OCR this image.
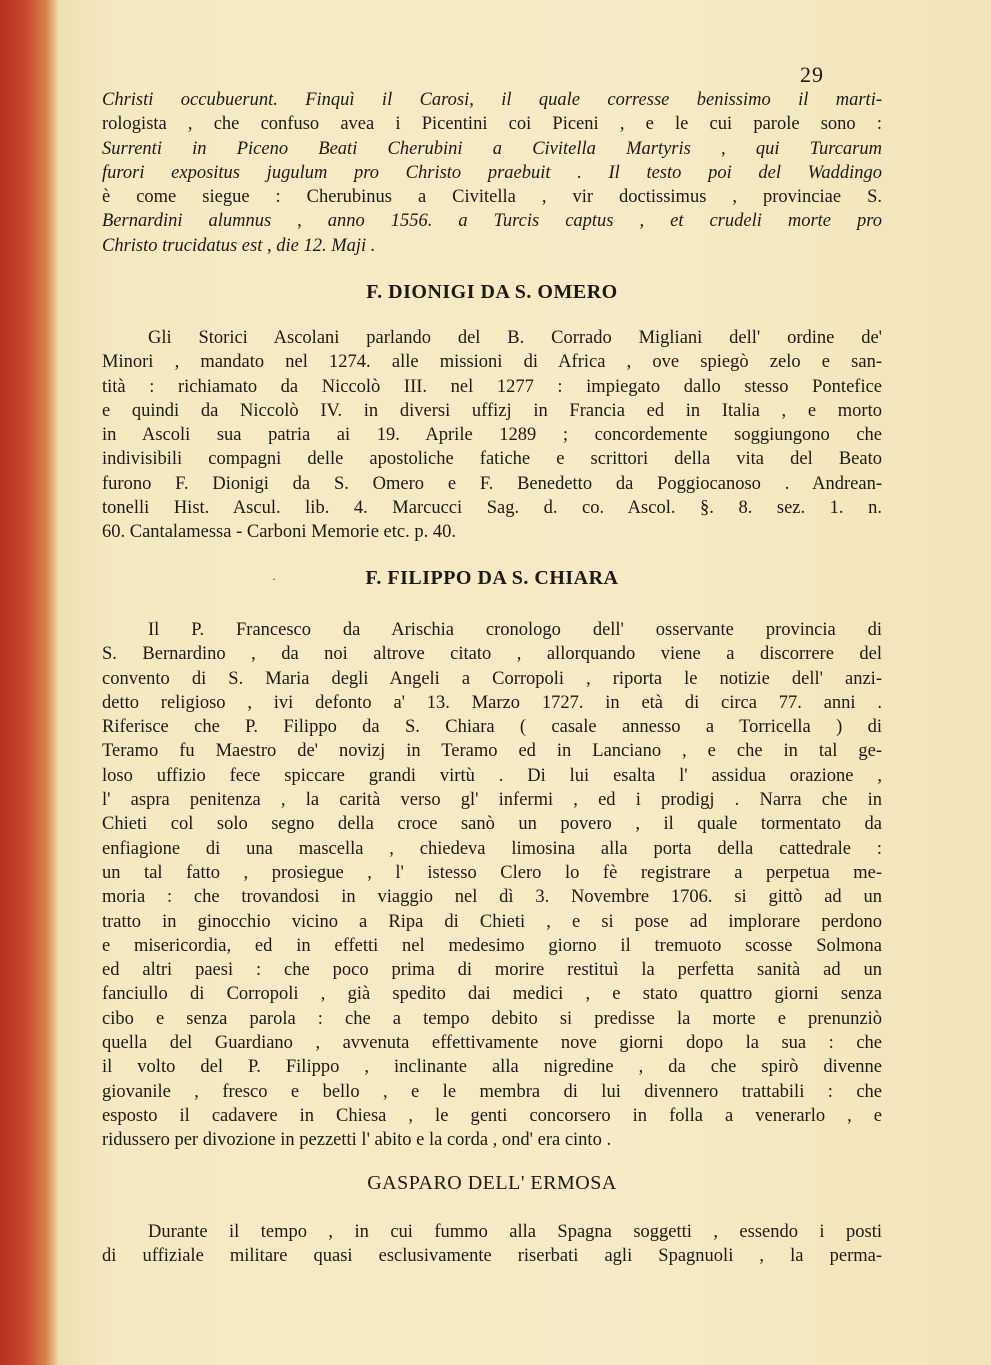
29
Christi occubuerunt. Finquì il Carosi, il quale corresse benissimo il marti-
rologista , che confuso avea i Picentini coi Piceni , e le cui parole sono :
Surrenti in Piceno Beati Cherubini a Civitella Martyris , qui Turcarum
furori expositus jugulum pro Christo praebuit . Il testo poi del Waddingo
è come siegue : Cherubinus a Civitella , vir doctissimus , provinciae S.
Bernardini alumnus , anno 1556. a Turcis captus , et crudeli morte pro
Christo trucidatus est , die 12. Maji .
F. DIONIGI DA S. OMERO
Gli Storici Ascolani parlando del B. Corrado Migliani dell' ordine de'
Minori , mandato nel 1274. alle missioni di Africa , ove spiegò zelo e san-
tità : richiamato da Niccolò III. nel 1277 : impiegato dallo stesso Pontefice
e quindi da Niccolò IV. in diversi uffizj in Francia ed in Italia , e morto
in Ascoli sua patria ai 19. Aprile 1289 ; concordemente soggiungono che
indivisibili compagni delle apostoliche fatiche e scrittori della vita del Beato
furono F. Dionigi da S. Omero e F. Benedetto da Poggiocanoso . Andrean-
tonelli Hist. Ascul. lib. 4. Marcucci Sag. d. co. Ascol. §. 8. sez. 1. n.
60. Cantalamessa - Carboni Memorie etc. p. 40.
·	F. FILIPPO DA S. CHIARA
Il P. Francesco da Arischia cronologo dell' osservante provincia di
S. Bernardino , da noi altrove citato , allorquando viene a discorrere del
convento di S. Maria degli Angeli a Corropoli , riporta le notizie dell' anzi-
detto religioso , ivi defonto a' 13. Marzo 1727. in età di circa 77. anni .
Riferisce che P. Filippo da S. Chiara ( casale annesso a Torricella ) di
Teramo fu Maestro de' novizj in Teramo ed in Lanciano , e che in tal ge-
loso uffizio fece spiccare grandi virtù . Di lui esalta l' assidua orazione ,
l' aspra penitenza , la carità verso gl' infermi , ed i prodigj . Narra che in
Chieti col solo segno della croce sanò un povero , il quale tormentato da
enfiagione di una mascella , chiedeva limosina alla porta della cattedrale :
un tal fatto , prosiegue , l' istesso Clero lo fè registrare a perpetua me-
moria : che trovandosi in viaggio nel dì 3. Novembre 1706. si gittò ad un
tratto in ginocchio vicino a Ripa di Chieti , e si pose ad implorare perdono
e misericordia, ed in effetti nel medesimo giorno il tremuoto scosse Solmona
ed altri paesi : che poco prima di morire restituì la perfetta sanità ad un
fanciullo di Corropoli , già spedito dai medici , e stato quattro giorni senza
cibo e senza parola : che a tempo debito si predisse la morte e prenunziò
quella del Guardiano , avvenuta effettivamente nove giorni dopo la sua : che
il volto del P. Filippo , inclinante alla nigredine , da che spirò divenne
giovanile , fresco e bello , e le membra di lui divennero trattabili : che
esposto il cadavere in Chiesa , le genti concorsero in folla a venerarlo , e
ridussero per divozione in pezzetti l' abito e la corda , ond' era cinto .
GASPARO DELL' ERMOSA
Durante il tempo , in cui fummo alla Spagna soggetti , essendo i posti
di uffiziale militare quasi esclusivamente riserbati agli Spagnuoli , la perma-
